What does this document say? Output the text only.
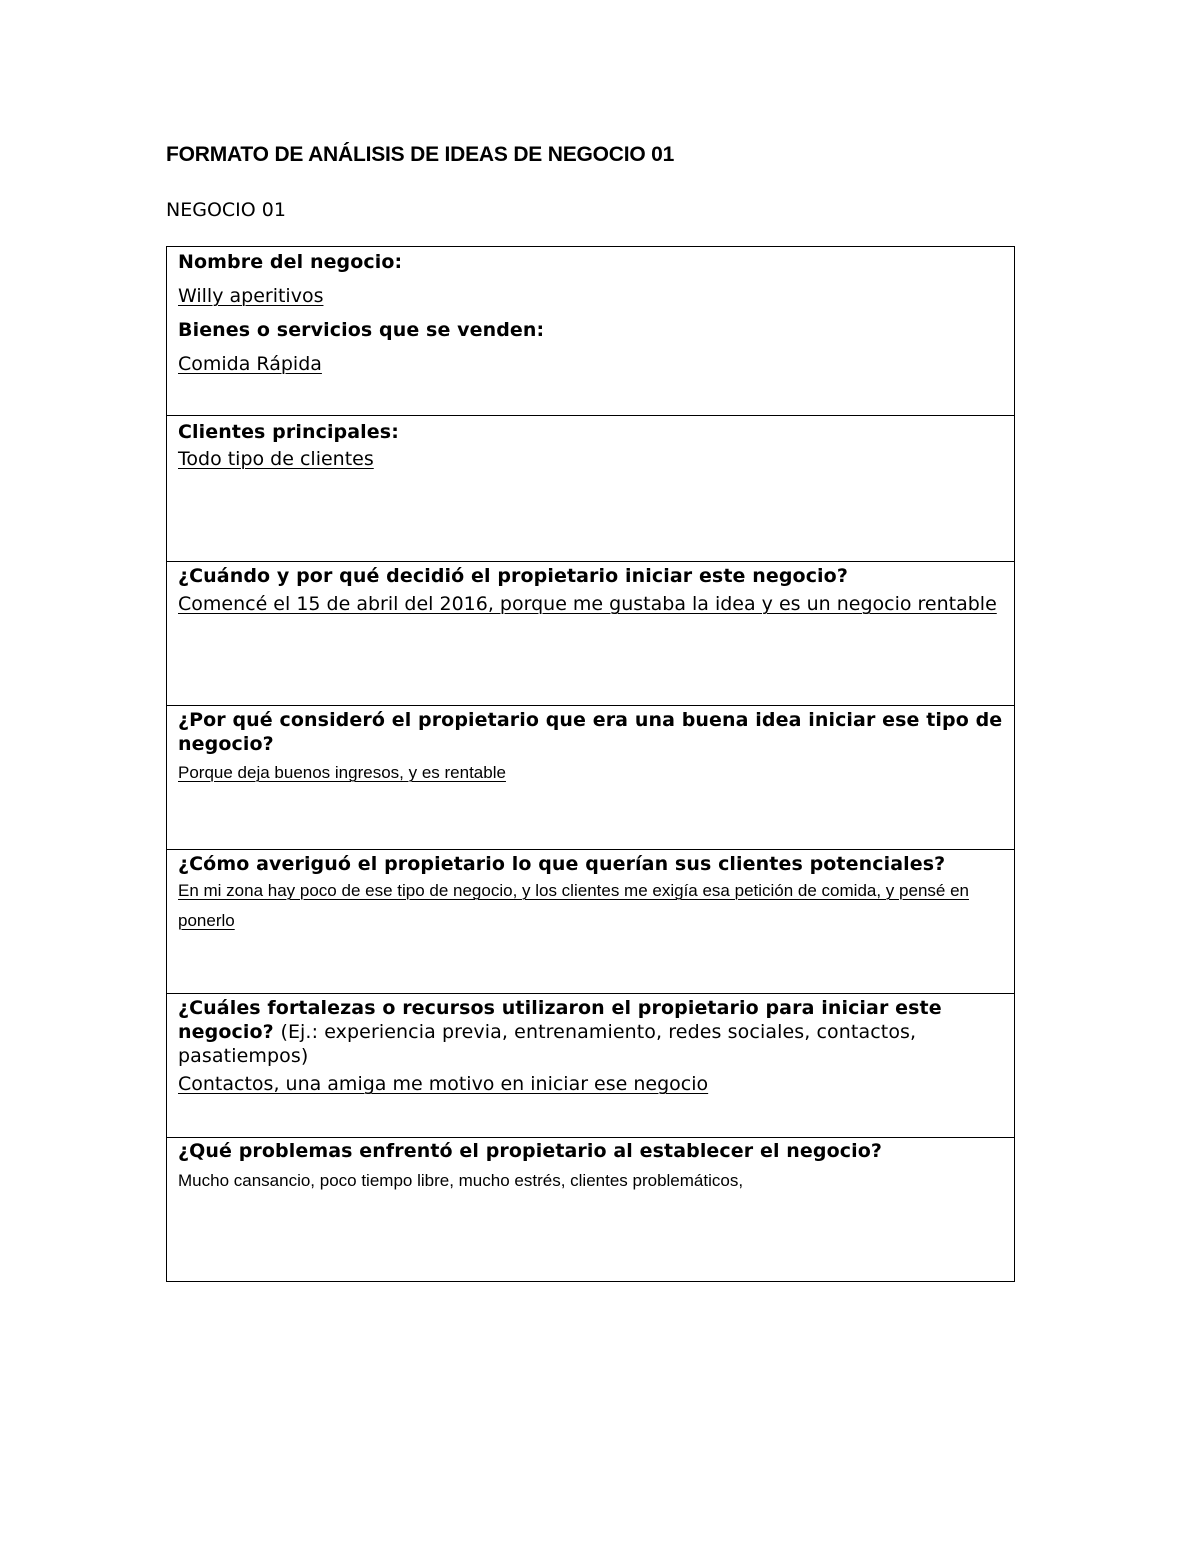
FORMATO DE ANÁLISIS DE IDEAS DE NEGOCIO 01
NEGOCIO 01
Nombre del negocio:
Willy aperitivos
Bienes o servicios que se venden:
Comida Rápida
Clientes principales:
Todo tipo de clientes
¿Cuándo y por qué decidió el propietario iniciar este negocio?
Comencé el 15 de abril del 2016, porque me gustaba la idea y es un negocio rentable
¿Por qué consideró el propietario que era una buena idea iniciar ese tipo de negocio?
Porque deja buenos ingresos, y es rentable
¿Cómo averiguó el propietario lo que querían sus clientes potenciales?
En mi zona hay poco de ese tipo de negocio, y los clientes me exigía esa petición de comida, y pensé en ponerlo
¿Cuáles fortalezas o recursos utilizaron el propietario para iniciar este negocio? (Ej.: experiencia previa, entrenamiento, redes sociales, contactos, pasatiempos)
Contactos, una amiga me motivo en iniciar ese negocio
¿Qué problemas enfrentó el propietario al establecer el negocio?
Mucho cansancio, poco tiempo libre, mucho estrés, clientes problemáticos,
